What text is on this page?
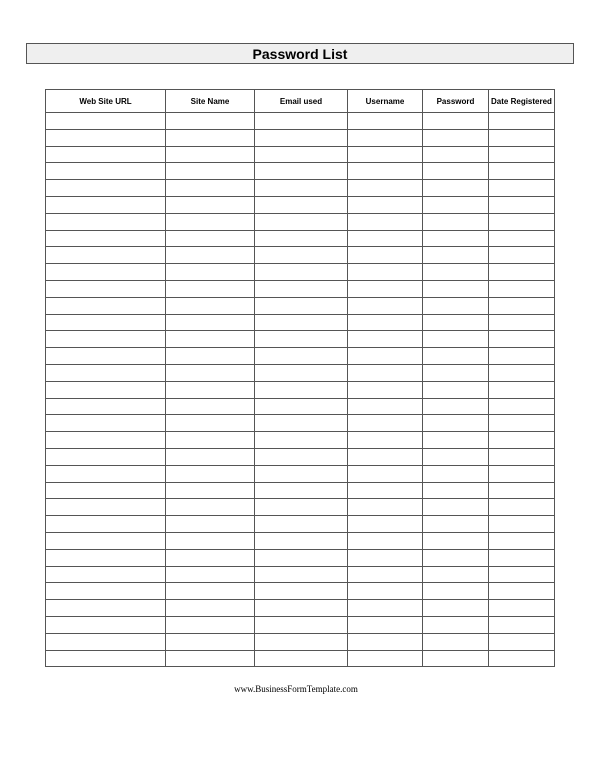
Password List
Web Site URL	Site Name	Email used	Username	Password	Date Registered

www.BusinessFormTemplate.com
